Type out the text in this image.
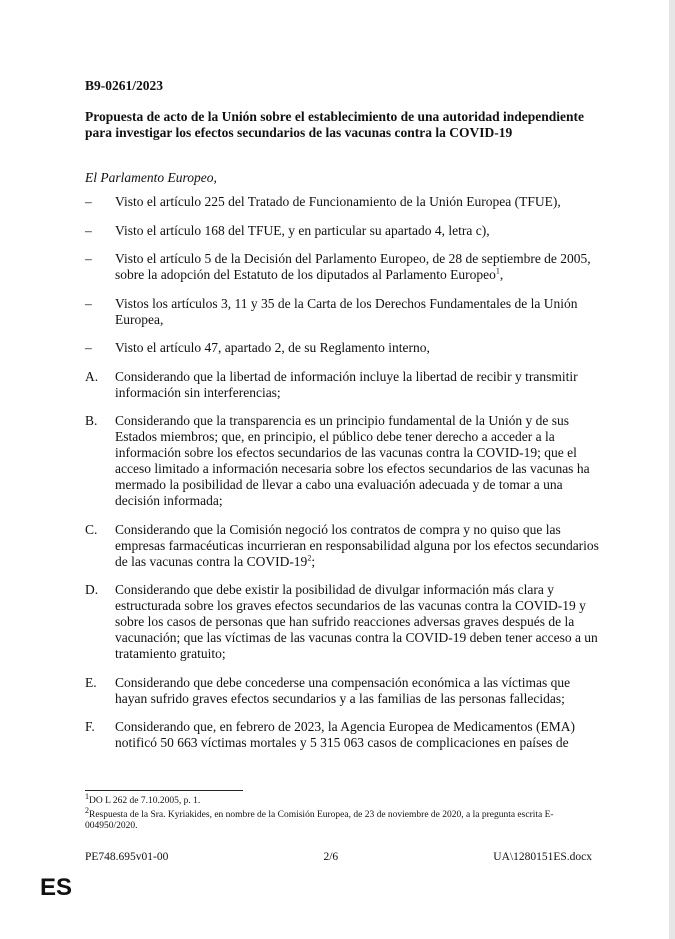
B9-0261/2023

Propuesta de acto de la Unión sobre el establecimiento de una autoridad independiente para investigar los efectos secundarios de las vacunas contra la COVID-19

El Parlamento Europeo,

–	Visto el artículo 225 del Tratado de Funcionamiento de la Unión Europea (TFUE),
–	Visto el artículo 168 del TFUE, y en particular su apartado 4, letra c),
–	Visto el artículo 5 de la Decisión del Parlamento Europeo, de 28 de septiembre de 2005, sobre la adopción del Estatuto de los diputados al Parlamento Europeo$^1$,
–	Vistos los artículos 3, 11 y 35 de la Carta de los Derechos Fundamentales de la Unión Europea,
–	Visto el artículo 47, apartado 2, de su Reglamento interno,
A.	Considerando que la libertad de información incluye la libertad de recibir y transmitir información sin interferencias;
B.	Considerando que la transparencia es un principio fundamental de la Unión y de sus Estados miembros; que, en principio, el público debe tener derecho a acceder a la información sobre los efectos secundarios de las vacunas contra la COVID-19; que el acceso limitado a información necesaria sobre los efectos secundarios de las vacunas ha mermado la posibilidad de llevar a cabo una evaluación adecuada y de tomar a una decisión informada;
C.	Considerando que la Comisión negoció los contratos de compra y no quiso que las empresas farmacéuticas incurrieran en responsabilidad alguna por los efectos secundarios de las vacunas contra la COVID-$19^2$;
D.	Considerando que debe existir la posibilidad de divulgar información más clara y estructurada sobre los graves efectos secundarios de las vacunas contra la COVID-19 y sobre los casos de personas que han sufrido reacciones adversas graves después de la vacunación; que las víctimas de las vacunas contra la COVID-19 deben tener acceso a un tratamiento gratuito;
E.	Considerando que debe concederse una compensación económica a las víctimas que hayan sufrido graves efectos secundarios y a las familias de las personas fallecidas;
F.	Considerando que, en febrero de 2023, la Agencia Europea de Medicamentos (EMA) notificó 50 663 víctimas mortales y 5 315 063 casos de complicaciones en países de
$^1$DO L 262 de 7.10.2005, p. 1.
$^2$Respuesta de la Sra. Kyriakides, en nombre de la Comisión Europea, de 23 de noviembre de 2020, a la pregunta escrita E-004950/2020.
PE748.695v01-00	2/6	UA\1280151ES.docx
ES
